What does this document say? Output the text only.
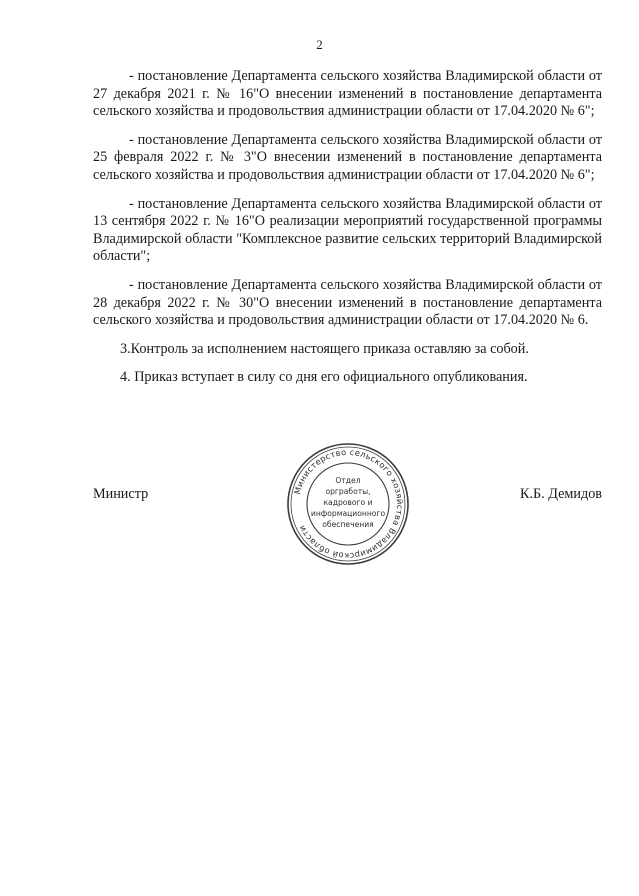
2

- постановление Департамента сельского хозяйства Владимирской области от 27 декабря 2021 г. № 16"О внесении изменений в постановление департамента сельского хозяйства и продовольствия администрации области от 17.04.2020 № 6";

- постановление Департамента сельского хозяйства Владимирской области от 25 февраля 2022 г. № 3"О внесении изменений в постановление департамента сельского хозяйства и продовольствия администрации области от 17.04.2020 № 6";

- постановление Департамента сельского хозяйства Владимирской области от 13 сентября 2022 г. № 16"О реализации мероприятий государственной программы Владимирской области "Комплексное развитие сельских территорий Владимирской области";

- постановление Департамента сельского хозяйства Владимирской области от 28 декабря 2022 г. № 30"О внесении изменений в постановление департамента сельского хозяйства и продовольствия администрации области от 17.04.2020 № 6.

3.Контроль за исполнением настоящего приказа оставляю за собой.

4. Приказ вступает в силу со дня его официального опубликования.

Министр	Министерство сельского хозяйства Владимирской области
Отдел
оргработы,
кадрового и
информационного
обеспечения
К.Б. Демидов
